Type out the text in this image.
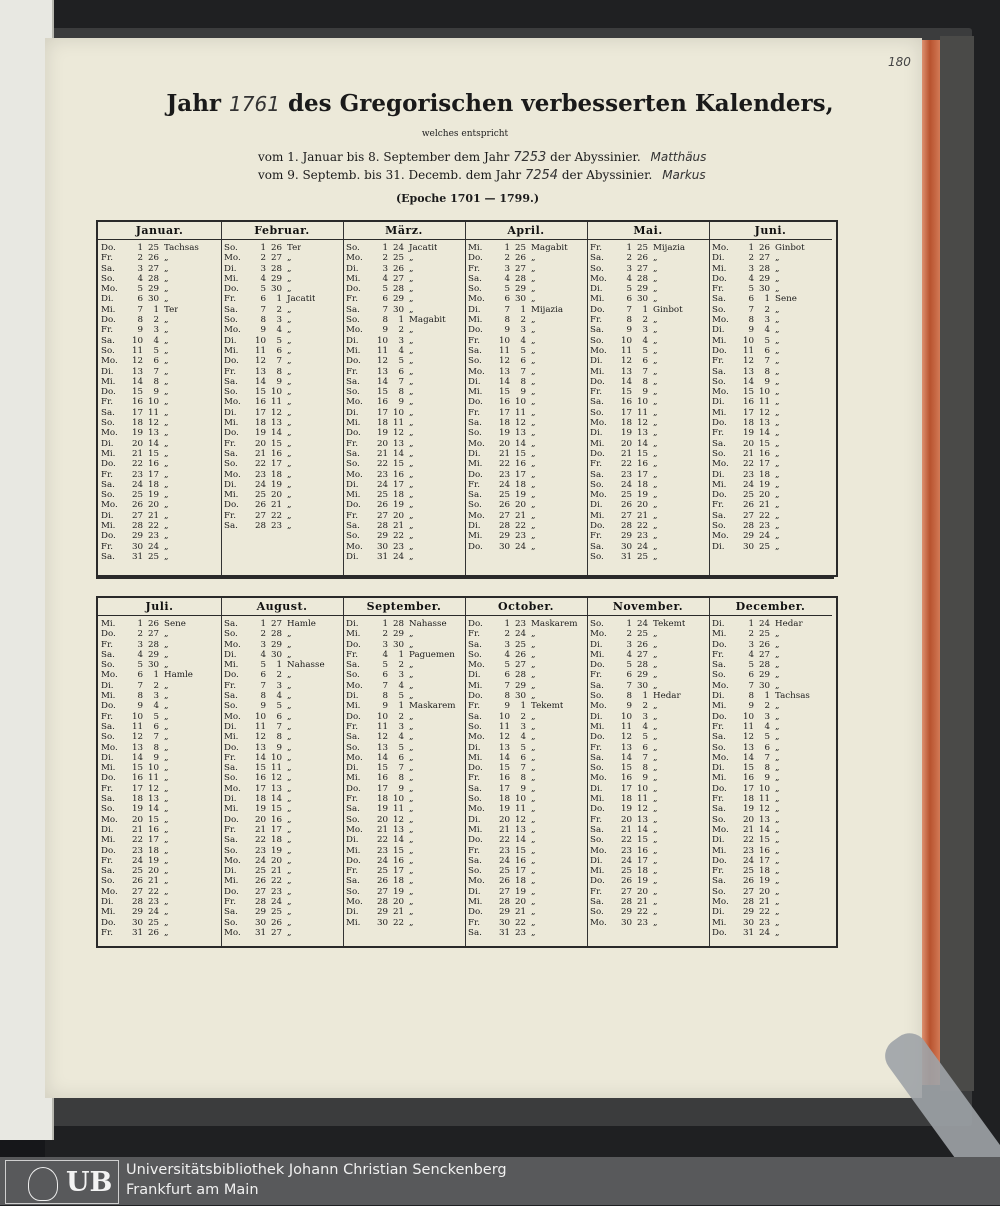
180
Jahr 1761 des Gregorischen verbesserten Kalenders,
welches entspricht
vom 1. Januar bis 8. September dem Jahr 7253 der Abyssinier. Matthäus
vom 9. Septemb. bis 31. Decemb. dem Jahr 7254 der Abyssinier. Markus
(Epoche 1701 — 1799.)
Januar.
Do.	1 25 Tachsas
Fr.	2 26 „
Sa.	3 27 „
So.	4 28 „
Mo.	5 29 „
Di.	6 30 „
Mi.	7	1 Ter
Do.	8	2 „
Fr.	9	3 „
Sa.	10	4 „
So.	11	5 „
Mo.	12	6 „
Di.	13	7 „
Mi.	14	8 „
Do.	15	9 „
Fr.	16 10 „
Sa.	17 11 „
So.	18 12 „
Mo.	19 13 „
Di.	20 14 „
Mi.	21 15 „
Do.	22 16 „
Fr.	23 17 „
Sa.	24 18 „
So.	25 19 „
Mo.	26 20 „
Di.	27 21 „
Mi.	28 22 „
Do.	29 23 „
Fr.	30 24 „
Sa.	31 25 „
Februar.
So.	1 26 Ter
Mo.	2 27 „
Di.	3 28 „
Mi.	4 29 „
Do.	5 30 „
Fr.	6	1 Jacatit
Sa.	7	2 „
So.	8	3 „
Mo.	9	4 „
Di.	10	5 „
Mi.	11	6 „
Do.	12	7 „
Fr.	13	8 „
Sa.	14	9 „
So.	15 10 „
Mo.	16 11 „
Di.	17 12 „
Mi.	18 13 „
Do.	19 14 „
Fr.	20 15 „
Sa.	21 16 „
So.	22 17 „
Mo.	23 18 „
Di.	24 19 „
Mi.	25 20 „
Do.	26 21 „
Fr.	27 22 „
Sa.	28 23 „
März.
So.	1 24 Jacatit
Mo.	2 25 „
Di.	3 26 „
Mi.	4 27 „
Do.	5 28 „
Fr.	6 29 „
Sa.	7 30 „
So.	8	1 Magabit
Mo.	9	2 „
Di.	10	3 „
Mi.	11	4 „
Do.	12	5 „
Fr.	13	6 „
Sa.	14	7 „
So.	15	8 „
Mo.	16	9 „
Di.	17 10 „
Mi.	18 11 „
Do.	19 12 „
Fr.	20 13 „
Sa.	21 14 „
So.	22 15 „
Mo.	23 16 „
Di.	24 17 „
Mi.	25 18 „
Do.	26 19 „
Fr.	27 20 „
Sa.	28 21 „
So.	29 22 „
Mo.	30 23 „
Di.	31 24 „
April.
Mi.	1 25 Magabit
Do.	2 26 „
Fr.	3 27 „
Sa.	4 28 „
So.	5 29 „
Mo.	6 30 „
Di.	7	1 Mijazia
Mi.	8	2 „
Do.	9	3 „
Fr.	10	4 „
Sa.	11	5 „
So.	12	6 „
Mo.	13	7 „
Di.	14	8 „
Mi.	15	9 „
Do.	16 10 „
Fr.	17 11 „
Sa.	18 12 „
So.	19 13 „
Mo.	20 14 „
Di.	21 15 „
Mi.	22 16 „
Do.	23 17 „
Fr.	24 18 „
Sa.	25 19 „
So.	26 20 „
Mo.	27 21 „
Di.	28 22 „
Mi.	29 23 „
Do.	30 24 „
Mai.
Fr.	1 25 Mijazia
Sa.	2 26 „
So.	3 27 „
Mo.	4 28 „
Di.	5 29 „
Mi.	6 30 „
Do.	7	1 Ginbot
Fr.	8	2 „
Sa.	9	3 „
So.	10	4 „
Mo.	11	5 „
Di.	12	6 „
Mi.	13	7 „
Do.	14	8 „
Fr.	15	9 „
Sa.	16 10 „
So.	17 11 „
Mo.	18 12 „
Di.	19 13 „
Mi.	20 14 „
Do.	21 15 „
Fr.	22 16 „
Sa.	23 17 „
So.	24 18 „
Mo.	25 19 „
Di.	26 20 „
Mi.	27 21 „
Do.	28 22 „
Fr.	29 23 „
Sa.	30 24 „
So.	31 25 „
Juni.
Mo.	1 26 Ginbot
Di.	2 27 „
Mi.	3 28 „
Do.	4 29 „
Fr.	5 30 „
Sa.	6	1 Sene
So.	7	2 „
Mo.	8	3 „
Di.	9	4 „
Mi.	10	5 „
Do.	11	6 „
Fr.	12	7 „
Sa.	13	8 „
So.	14	9 „
Mo.	15 10 „
Di.	16 11 „
Mi.	17 12 „
Do.	18 13 „
Fr.	19 14 „
Sa.	20 15 „
So.	21 16 „
Mo.	22 17 „
Di.	23 18 „
Mi.	24 19 „
Do.	25 20 „
Fr.	26 21 „
Sa.	27 22 „
So.	28 23 „
Mo.	29 24 „
Di.	30 25 „
Juli.
Mi.	1 26 Sene
Do.	2 27 „
Fr.	3 28 „
Sa.	4 29 „
So.	5 30 „
Mo.	6	1 Hamle
Di.	7	2 „
Mi.	8	3 „
Do.	9	4 „
Fr.	10	5 „
Sa.	11	6 „
So.	12	7 „
Mo.	13	8 „
Di.	14	9 „
Mi.	15 10 „
Do.	16 11 „
Fr.	17 12 „
Sa.	18 13 „
So.	19 14 „
Mo.	20 15 „
Di.	21 16 „
Mi.	22 17 „
Do.	23 18 „
Fr.	24 19 „
Sa.	25 20 „
So.	26 21 „
Mo.	27 22 „
Di.	28 23 „
Mi.	29 24 „
Do.	30 25 „
Fr.	31 26 „
August.
Sa.	1 27 Hamle
So.	2 28 „
Mo.	3 29 „
Di.	4 30 „
Mi.	5	1 Nahasse
Do.	6	2 „
Fr.	7	3 „
Sa.	8	4 „
So.	9	5 „
Mo.	10	6 „
Di.	11	7 „
Mi.	12	8 „
Do.	13	9 „
Fr.	14 10 „
Sa.	15 11 „
So.	16 12 „
Mo.	17 13 „
Di.	18 14 „
Mi.	19 15 „
Do.	20 16 „
Fr.	21 17 „
Sa.	22 18 „
So.	23 19 „
Mo.	24 20 „
Di.	25 21 „
Mi.	26 22 „
Do.	27 23 „
Fr.	28 24 „
Sa.	29 25 „
So.	30 26 „
Mo.	31 27 „
September.
Di.	1 28 Nahasse
Mi.	2 29 „
Do.	3 30 „
Fr.	4	1 Paguemen
Sa.	5	2 „
So.	6	3 „
Mo.	7	4 „
Di.	8	5 „
Mi.	9	1 Maskarem
Do.	10	2 „
Fr.	11	3 „
Sa.	12	4 „
So.	13	5 „
Mo.	14	6 „
Di.	15	7 „
Mi.	16	8 „
Do.	17	9 „
Fr.	18 10 „
Sa.	19 11 „
So.	20 12 „
Mo.	21 13 „
Di.	22 14 „
Mi.	23 15 „
Do.	24 16 „
Fr.	25 17 „
Sa.	26 18 „
So.	27 19 „
Mo.	28 20 „
Di.	29 21 „
Mi.	30 22 „
October.
Do.	1 23 Maskarem
Fr.	2 24 „
Sa.	3 25 „
So.	4 26 „
Mo.	5 27 „
Di.	6 28 „
Mi.	7 29 „
Do.	8 30 „
Fr.	9	1 Tekemt
Sa.	10	2 „
So.	11	3 „
Mo.	12	4 „
Di.	13	5 „
Mi.	14	6 „
Do.	15	7 „
Fr.	16	8 „
Sa.	17	9 „
So.	18 10 „
Mo.	19 11 „
Di.	20 12 „
Mi.	21 13 „
Do.	22 14 „
Fr.	23 15 „
Sa.	24 16 „
So.	25 17 „
Mo.	26 18 „
Di.	27 19 „
Mi.	28 20 „
Do.	29 21 „
Fr.	30 22 „
Sa.	31 23 „
November.
So.	1 24 Tekemt
Mo.	2 25 „
Di.	3 26 „
Mi.	4 27 „
Do.	5 28 „
Fr.	6 29 „
Sa.	7 30 „
So.	8	1 Hedar
Mo.	9	2 „
Di.	10	3 „
Mi.	11	4 „
Do.	12	5 „
Fr.	13	6 „
Sa.	14	7 „
So.	15	8 „
Mo.	16	9 „
Di.	17 10 „
Mi.	18 11 „
Do.	19 12 „
Fr.	20 13 „
Sa.	21 14 „
So.	22 15 „
Mo.	23 16 „
Di.	24 17 „
Mi.	25 18 „
Do.	26 19 „
Fr.	27 20 „
Sa.	28 21 „
So.	29 22 „
Mo.	30 23 „
December.
Di.	1 24 Hedar
Mi.	2 25 „
Do.	3 26 „
Fr.	4 27 „
Sa.	5 28 „
So.	6 29 „
Mo.	7 30 „
Di.	8	1 Tachsas
Mi.	9	2 „
Do.	10	3 „
Fr.	11	4 „
Sa.	12	5 „
So.	13	6 „
Mo.	14	7 „
Di.	15	8 „
Mi.	16	9 „
Do.	17 10 „
Fr.	18 11 „
Sa.	19 12 „
So.	20 13 „
Mo.	21 14 „
Di.	22 15 „
Mi.	23 16 „
Do.	24 17 „
Fr.	25 18 „
Sa.	26 19 „
So.	27 20 „
Mo.	28 21 „
Di.	29 22 „
Mi.	30 23 „
Do.	31 24 „
UB Universitätsbibliothek Johann Christian Senckenberg
Frankfurt am Main
